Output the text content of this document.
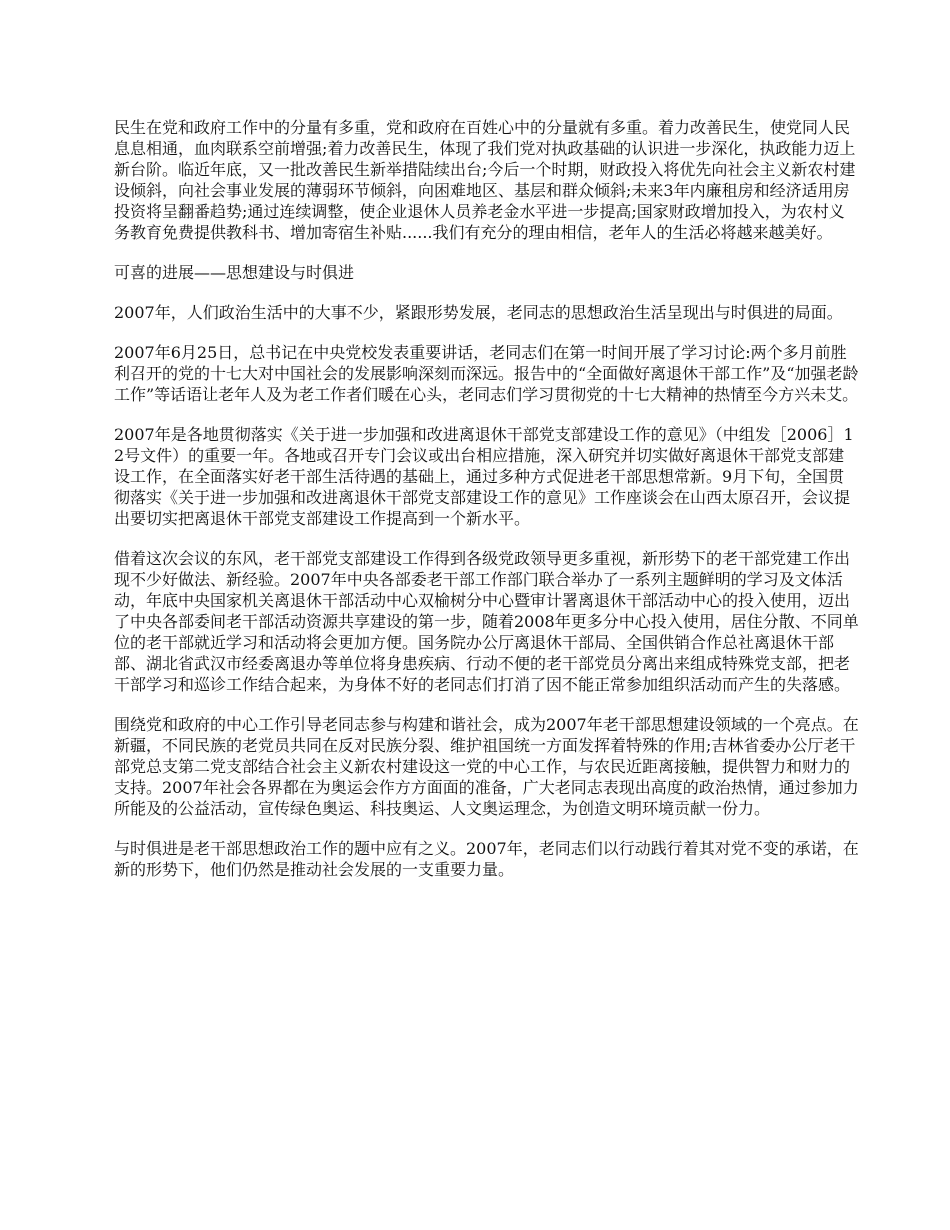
民生在党和政府工作中的分量有多重，党和政府在百姓心中的分量就有多重。着力改善民生，使党同人民息息相通，血肉联系空前增强;着力改善民生，体现了我们党对执政基础的认识进一步深化，执政能力迈上新台阶。临近年底，又一批改善民生新举措陆续出台;今后一个时期，财政投入将优先向社会主义新农村建设倾斜，向社会事业发展的薄弱环节倾斜，向困难地区、基层和群众倾斜;未来3年内廉租房和经济适用房投资将呈翻番趋势;通过连续调整，使企业退休人员养老金水平进一步提高;国家财政增加投入，为农村义务教育免费提供教科书、增加寄宿生补贴......我们有充分的理由相信，老年人的生活必将越来越美好。

可喜的进展——思想建设与时俱进

2007年，人们政治生活中的大事不少，紧跟形势发展，老同志的思想政治生活呈现出与时俱进的局面。

2007年6月25日，总书记在中央党校发表重要讲话，老同志们在第一时间开展了学习讨论:两个多月前胜利召开的党的十七大对中国社会的发展影响深刻而深远。报告中的“全面做好离退休干部工作”及“加强老龄工作”等话语让老年人及为老工作者们暖在心头，老同志们学习贯彻党的十七大精神的热情至今方兴未艾。

2007年是各地贯彻落实《关于进一步加强和改进离退休干部党支部建设工作的意见》（中组发［2006］12号文件）的重要一年。各地或召开专门会议或出台相应措施，深入研究并切实做好离退休干部党支部建设工作，在全面落实好老干部生活待遇的基础上，通过多种方式促进老干部思想常新。9月下旬，全国贯彻落实《关于进一步加强和改进离退休干部党支部建设工作的意见》工作座谈会在山西太原召开，会议提出要切实把离退休干部党支部建设工作提高到一个新水平。

借着这次会议的东风，老干部党支部建设工作得到各级党政领导更多重视，新形势下的老干部党建工作出现不少好做法、新经验。2007年中央各部委老干部工作部门联合举办了一系列主题鲜明的学习及文体活动，年底中央国家机关离退休干部活动中心双榆树分中心暨审计署离退休干部活动中心的投入使用，迈出了中央各部委间老干部活动资源共享建设的第一步，随着2008年更多分中心投入使用，居住分散、不同单位的老干部就近学习和活动将会更加方便。国务院办公厅离退休干部局、全国供销合作总社离退休干部部、湖北省武汉市经委离退办等单位将身患疾病、行动不便的老干部党员分离出来组成特殊党支部，把老干部学习和巡诊工作结合起来，为身体不好的老同志们打消了因不能正常参加组织活动而产生的失落感。

围绕党和政府的中心工作引导老同志参与构建和谐社会，成为2007年老干部思想建设领域的一个亮点。在新疆，不同民族的老党员共同在反对民族分裂、维护祖国统一方面发挥着特殊的作用;吉林省委办公厅老干部党总支第二党支部结合社会主义新农村建设这一党的中心工作，与农民近距离接触，提供智力和财力的支持。2007年社会各界都在为奥运会作方方面面的准备，广大老同志表现出高度的政治热情，通过参加力所能及的公益活动，宣传绿色奥运、科技奥运、人文奥运理念，为创造文明环境贡献一份力。

与时俱进是老干部思想政治工作的题中应有之义。2007年，老同志们以行动践行着其对党不变的承诺，在新的形势下，他们仍然是推动社会发展的一支重要力量。
